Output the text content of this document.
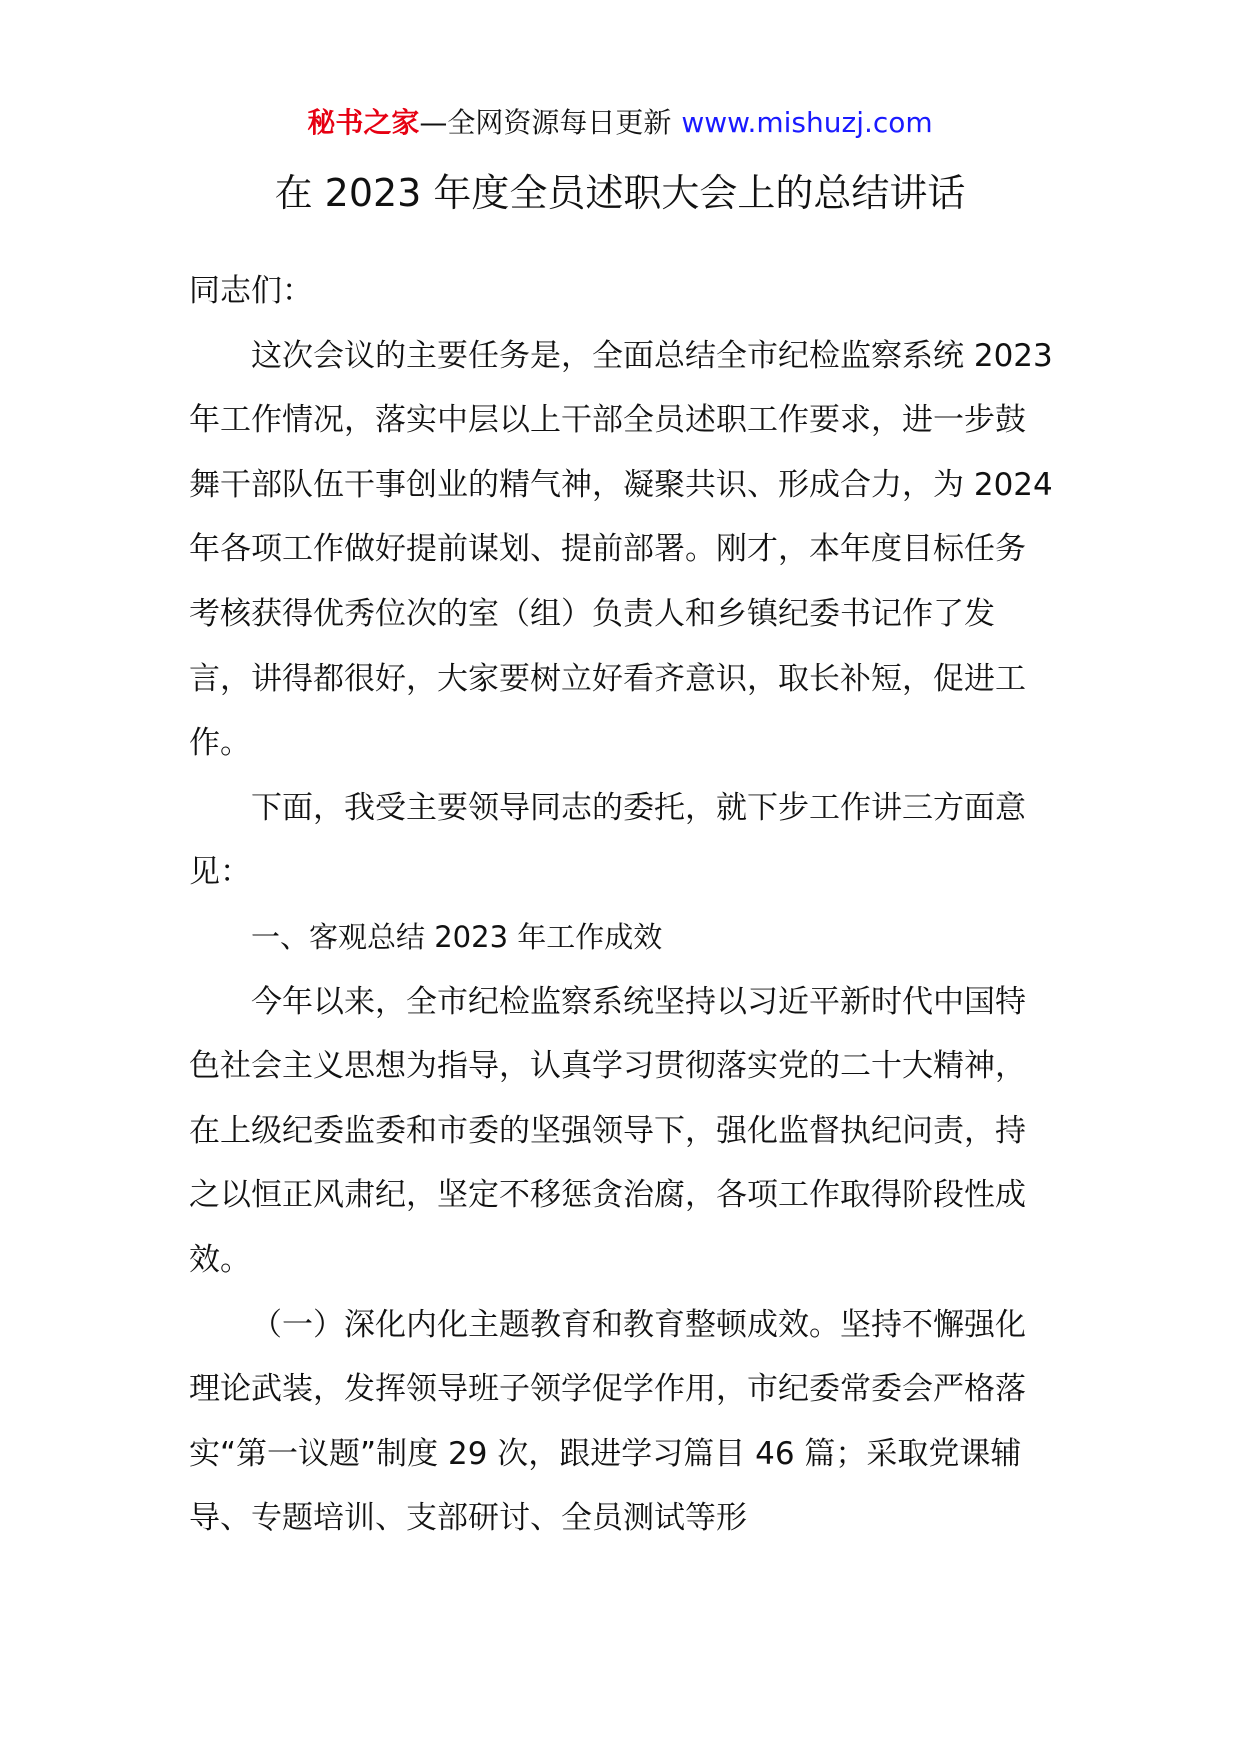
秘书之家—全网资源每日更新 www.mishuzj.com
在 2023 年度全员述职大会上的总结讲话

同志们：

这次会议的主要任务是，全面总结全市纪检监察系统 2023 年工作情况，落实中层以上干部全员述职工作要求，进一步鼓舞干部队伍干事创业的精气神，凝聚共识、形成合力，为 2024 年各项工作做好提前谋划、提前部署。刚才，本年度目标任务考核获得优秀位次的室（组）负责人和乡镇纪委书记作了发言，讲得都很好，大家要树立好看齐意识，取长补短，促进工作。

下面，我受主要领导同志的委托，就下步工作讲三方面意见：

一、客观总结 2023 年工作成效

今年以来，全市纪检监察系统坚持以习近平新时代中国特色社会主义思想为指导，认真学习贯彻落实党的二十大精神，在上级纪委监委和市委的坚强领导下，强化监督执纪问责，持之以恒正风肃纪，坚定不移惩贪治腐，各项工作取得阶段性成效。

（一）深化内化主题教育和教育整顿成效。坚持不懈强化理论武装，发挥领导班子领学促学作用，市纪委常委会严格落实“第一议题”制度 29 次，跟进学习篇目 46 篇；采取党课辅导、专题培训、支部研讨、全员测试等形
